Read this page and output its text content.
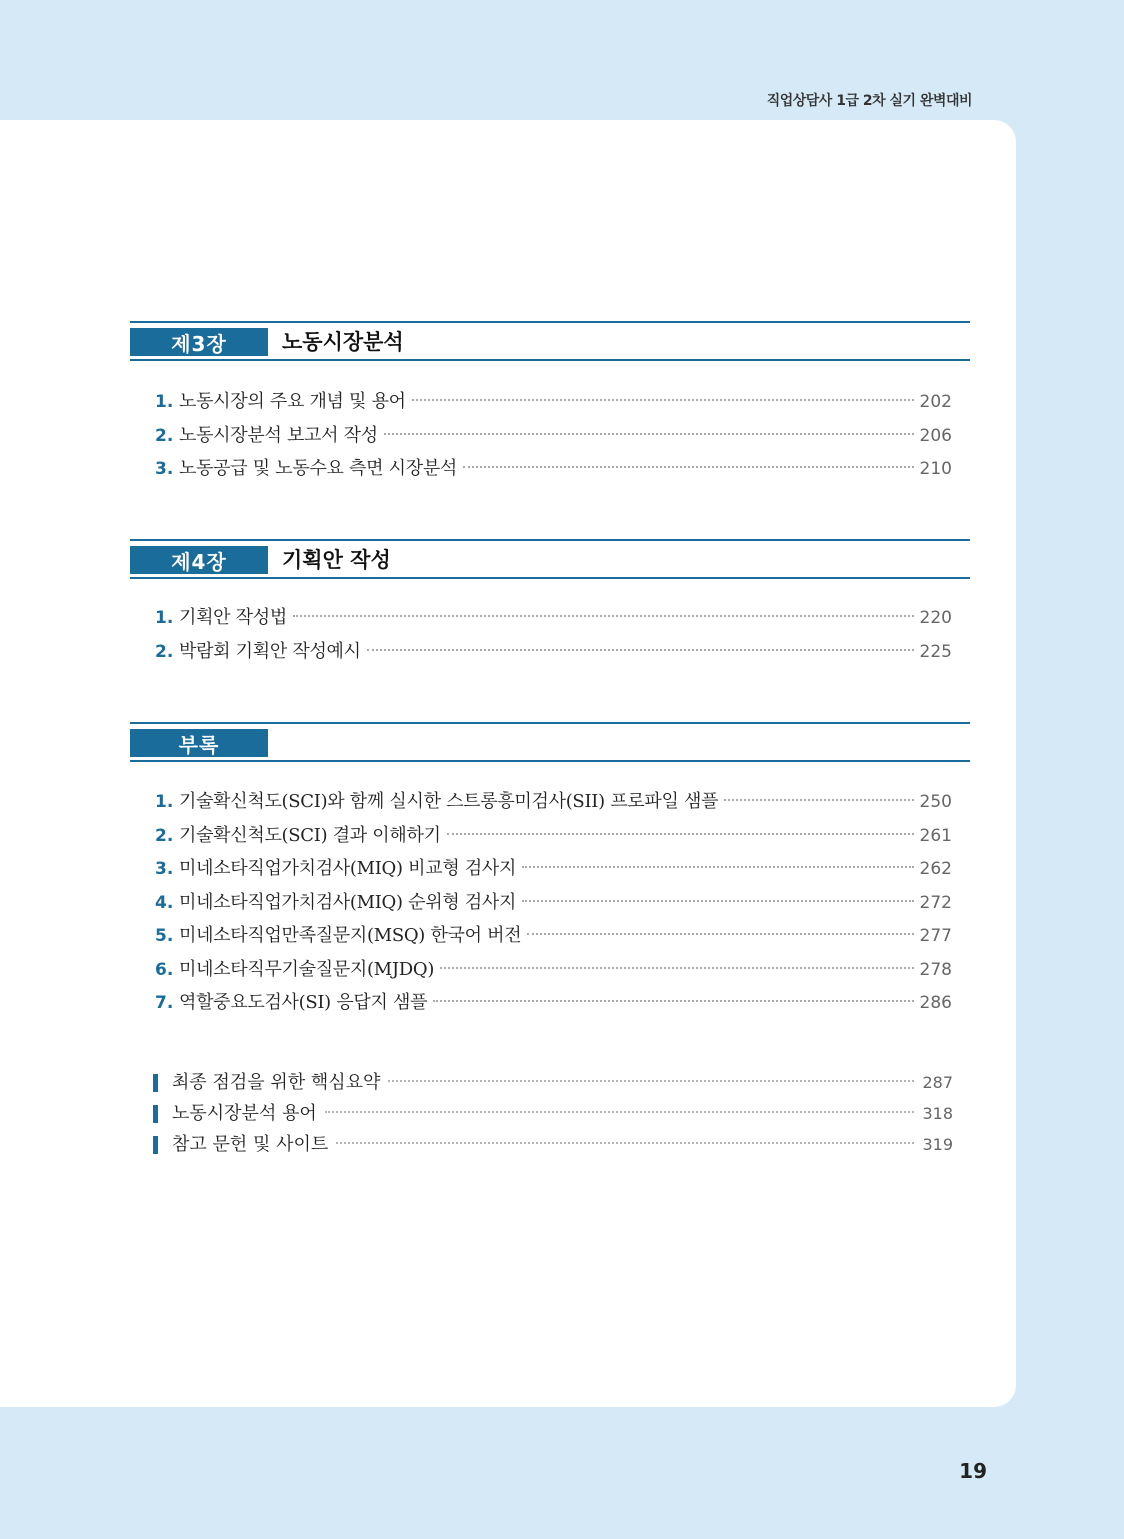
직업상담사 1급 2차 실기 완벽대비
제3장	노동시장분석
1. 노동시장의 주요 개념 및 용어	202
2. 노동시장분석 보고서 작성	206
3. 노동공급 및 노동수요 측면 시장분석	210
제4장	기획안 작성
1. 기획안 작성법	220
2. 박람회 기획안 작성예시	225
부록
1. 기술확신척도(SCI)와 함께 실시한 스트롱흥미검사(SII) 프로파일 샘플	250
2. 기술확신척도(SCI) 결과 이해하기	261
3. 미네소타직업가치검사(MIQ) 비교형 검사지	262
4. 미네소타직업가치검사(MIQ) 순위형 검사지	272
5. 미네소타직업만족질문지(MSQ) 한국어 버전	277
6. 미네소타직무기술질문지(MJDQ)	278
7. 역할중요도검사(SI) 응답지 샘플	286
최종 점검을 위한 핵심요약	287
노동시장분석 용어	318
참고 문헌 및 사이트	319
19
